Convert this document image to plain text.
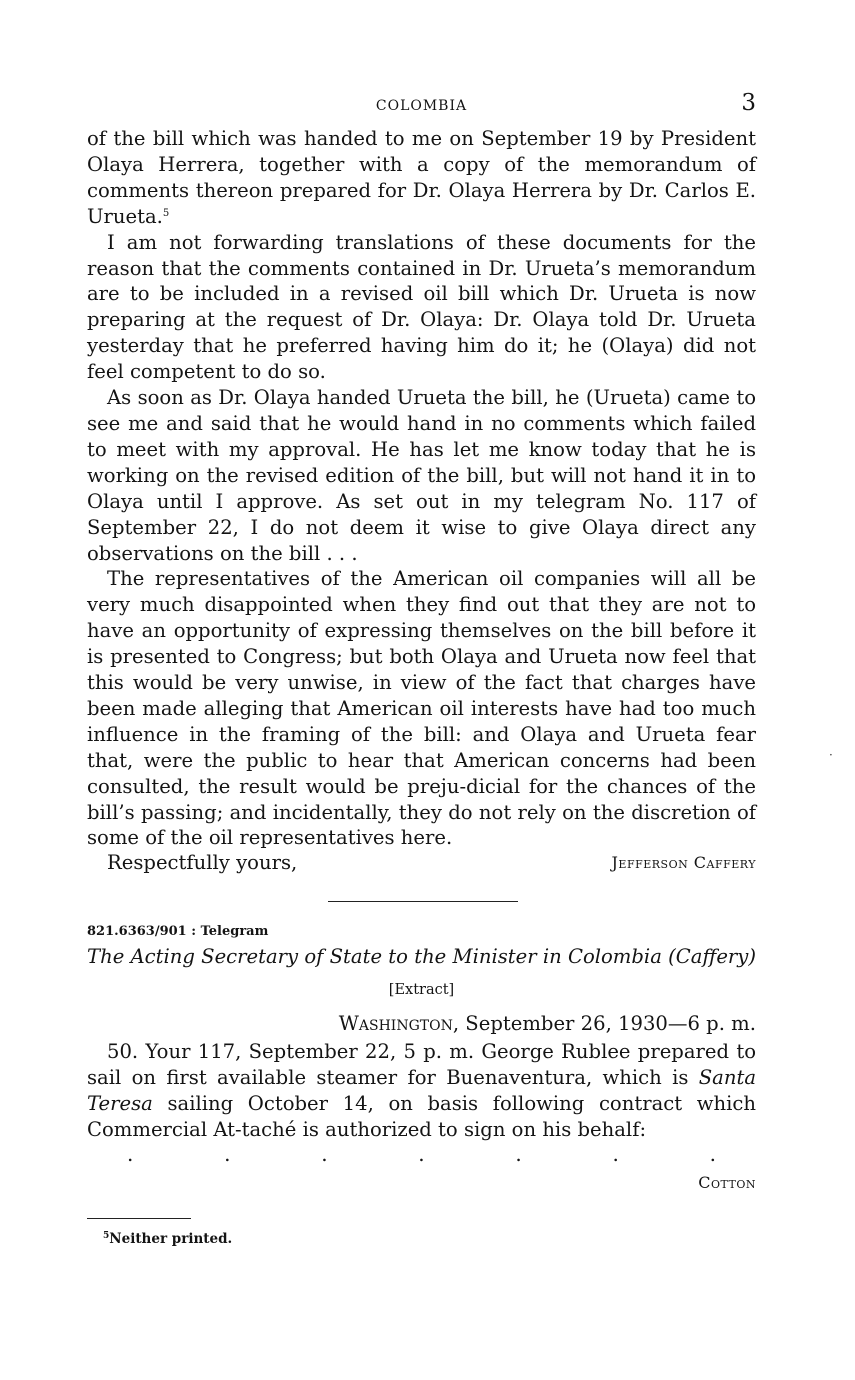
COLOMBIA	3

of the bill which was handed to me on September 19 by President Olaya Herrera, together with a copy of the memorandum of comments thereon prepared for Dr. Olaya Herrera by Dr. Carlos E. Urueta.$^5$

I am not forwarding translations of these documents for the reason that the comments contained in Dr. Urueta’s memorandum are to be included in a revised oil bill which Dr. Urueta is now preparing at the request of Dr. Olaya: Dr. Olaya told Dr. Urueta yesterday that he preferred having him do it; he (Olaya) did not feel competent to do so.

As soon as Dr. Olaya handed Urueta the bill, he (Urueta) came to see me and said that he would hand in no comments which failed to meet with my approval. He has let me know today that he is working on the revised edition of the bill, but will not hand it in to Olaya until I approve. As set out in my telegram No. 117 of September 22, I do not deem it wise to give Olaya direct any observations on the bill . . .

The representatives of the American oil companies will all be very much disappointed when they find out that they are not to have an opportunity of expressing themselves on the bill before it is presented to Congress; but both Olaya and Urueta now feel that this would be very unwise, in view of the fact that charges have been made alleging that American oil interests have had too much influence in the framing of the bill: and Olaya and Urueta fear that, were the public to hear that American concerns had been consulted, the result would be preju-dicial for the chances of the bill’s passing; and incidentally, they do not rely on the discretion of some of the oil representatives here.

Respectfully yours,	Jefferson Caffery
821.6363/901 : Telegram
The Acting Secretary of State to the Minister in Colombia (Caffery)
[Extract]
Washington, September 26, 1930—6 p. m.

50. Your 117, September 22, 5 p. m. George Rublee prepared to sail on first available steamer for Buenaventura, which is Santa Teresa sailing October 14, on basis following contract which Commercial At-taché is authorized to sign on his behalf:

.	.	.	.	.	.	.
Cotton
$^5$Neither printed.
·
